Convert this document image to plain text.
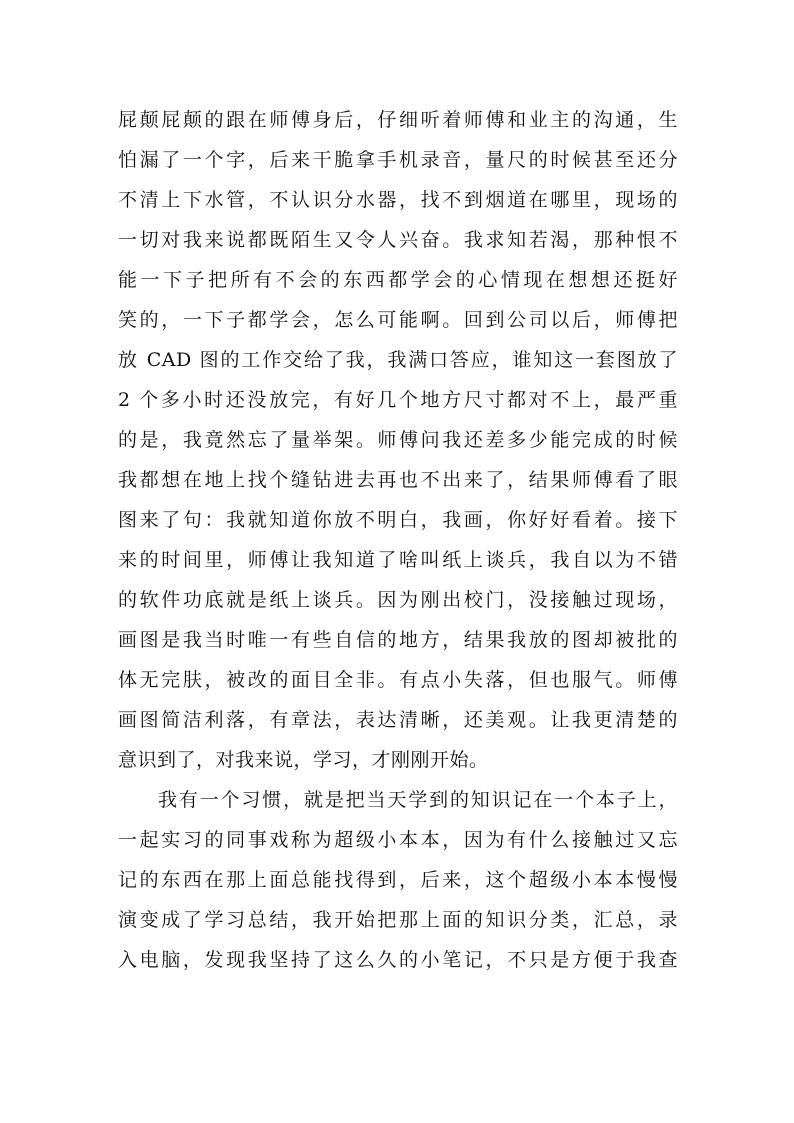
屁颠屁颠的跟在师傅身后，仔细听着师傅和业主的沟通，生
怕漏了一个字，后来干脆拿手机录音，量尺的时候甚至还分
不清上下水管，不认识分水器，找不到烟道在哪里，现场的
一切对我来说都既陌生又令人兴奋。我求知若渴，那种恨不
能一下子把所有不会的东西都学会的心情现在想想还挺好
笑的，一下子都学会，怎么可能啊。回到公司以后，师傅把
放 CAD 图的工作交给了我，我满口答应，谁知这一套图放了
2 个多小时还没放完，有好几个地方尺寸都对不上，最严重
的是，我竟然忘了量举架。师傅问我还差多少能完成的时候
我都想在地上找个缝钻进去再也不出来了，结果师傅看了眼
图来了句：我就知道你放不明白，我画，你好好看着。接下
来的时间里，师傅让我知道了啥叫纸上谈兵，我自以为不错
的软件功底就是纸上谈兵。因为刚出校门，没接触过现场，
画图是我当时唯一有些自信的地方，结果我放的图却被批的
体无完肤，被改的面目全非。有点小失落，但也服气。师傅
画图简洁利落，有章法，表达清晰，还美观。让我更清楚的
意识到了，对我来说，学习，才刚刚开始。
我有一个习惯，就是把当天学到的知识记在一个本子上，
一起实习的同事戏称为超级小本本，因为有什么接触过又忘
记的东西在那上面总能找得到，后来，这个超级小本本慢慢
演变成了学习总结，我开始把那上面的知识分类，汇总，录
入电脑，发现我坚持了这么久的小笔记，不只是方便于我查
